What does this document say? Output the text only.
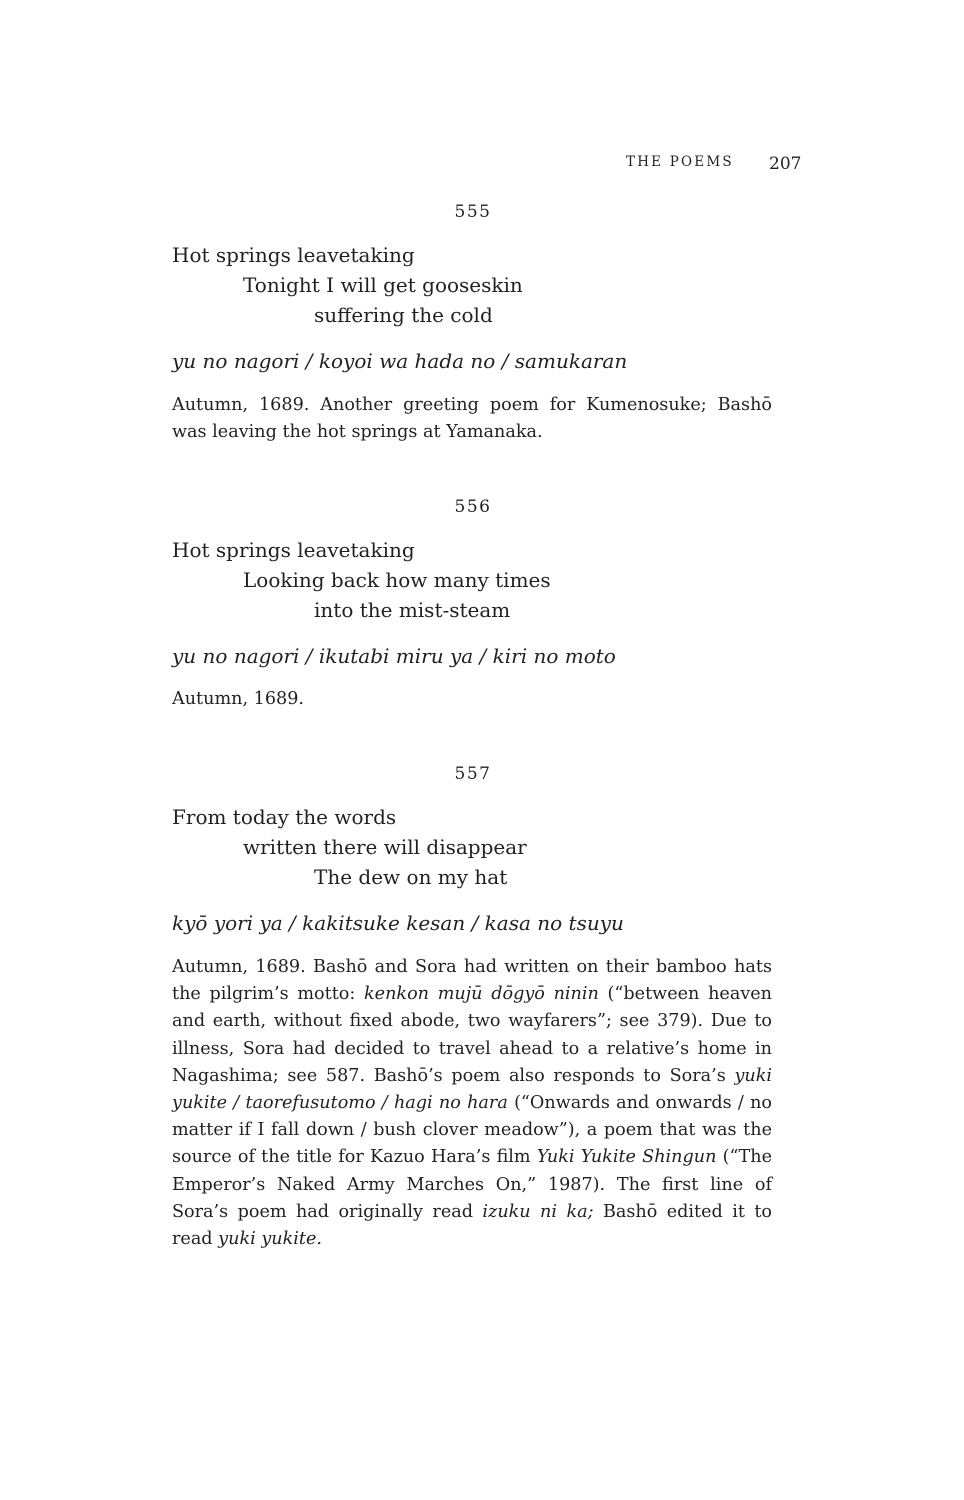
THE POEMS 207
555
Hot springs leavetaking
Tonight I will get gooseskin
suffering the cold
yu no nagori / koyoi wa hada no / samukaran
Autumn, 1689. Another greeting poem for Kumenosuke; Bashō was leaving the hot springs at Yamanaka.
556
Hot springs leavetaking
Looking back how many times
into the mist-steam
yu no nagori / ikutabi miru ya / kiri no moto
Autumn, 1689.
557
From today the words
written there will disappear
The dew on my hat
kyō yori ya / kakitsuke kesan / kasa no tsuyu
Autumn, 1689. Bashō and Sora had written on their bamboo hats the pilgrim’s motto: kenkon mujū dōgyō ninin (“between heaven and earth, without fixed abode, two wayfarers”; see 379). Due to illness, Sora had decided to travel ahead to a relative’s home in Nagashima; see 587. Bashō’s poem also responds to Sora’s yuki yukite / taorefusutomo / hagi no hara (“Onwards and onwards / no matter if I fall down / bush clover meadow”), a poem that was the source of the title for Kazuo Hara’s film Yuki Yukite Shingun (“The Emperor’s Naked Army Marches On,” 1987). The first line of Sora’s poem had originally read izuku ni ka; Bashō edited it to read yuki yukite.
